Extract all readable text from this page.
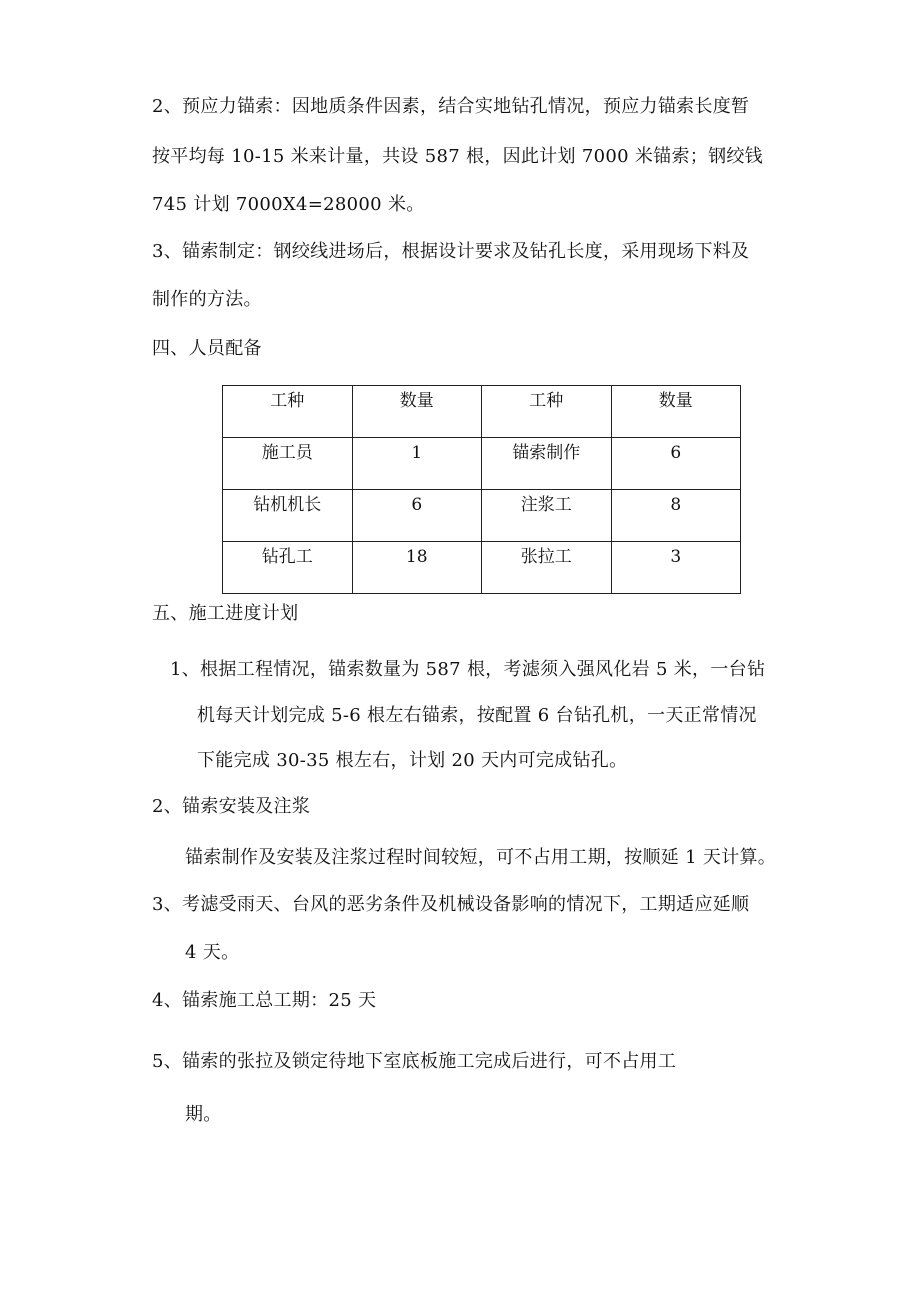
2、预应力锚索：因地质条件因素，结合实地钻孔情况，预应力锚索长度暂
按平均每 10-15 米来计量，共设 587 根，因此计划 7000 米锚索；钢绞钱
745 计划 7000X4=28000 米。
3、锚索制定：钢绞线进场后，根据设计要求及钻孔长度，采用现场下料及
制作的方法。
四、人员配备
工种	数量	工种	数量
施工员	1	锚索制作	6
钻机机长	6	注浆工	8
钻孔工	18	张拉工	3
五、施工进度计划
1、根据工程情况，锚索数量为 587 根，考滤须入强风化岩 5 米，一台钻
机每天计划完成 5-6 根左右锚索，按配置 6 台钻孔机，一天正常情况
下能完成 30-35 根左右，计划 20 天内可完成钻孔。
2、锚索安装及注浆
锚索制作及安装及注浆过程时间较短，可不占用工期，按顺延 1 天计算。
3、考滤受雨天、台风的恶劣条件及机械设备影响的情况下，工期适应延顺
4 天。
4、锚索施工总工期：25 天
5、锚索的张拉及锁定待地下室底板施工完成后进行，可不占用工
期。
